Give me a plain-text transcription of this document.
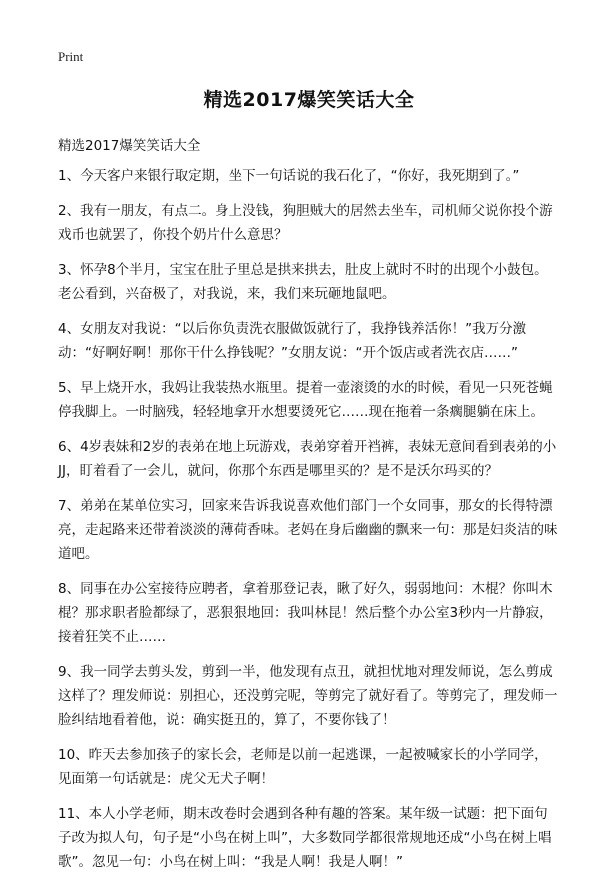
Print
精选2017爆笑笑话大全
精选2017爆笑笑话大全

1、今天客户来银行取定期，坐下一句话说的我石化了，“你好，我死期到了。”

2、我有一朋友，有点二。身上没钱，狗胆贼大的居然去坐车，司机师父说你投个游戏币也就罢了，你投个奶片什么意思？

3、怀孕8个半月，宝宝在肚子里总是拱来拱去，肚皮上就时不时的出现个小鼓包。老公看到，兴奋极了，对我说，来，我们来玩砸地鼠吧。

4、女朋友对我说：“以后你负责洗衣服做饭就行了，我挣钱养活你！”我万分激动：“好啊好啊！那你干什么挣钱呢？”女朋友说：“开个饭店或者洗衣店……”

5、早上烧开水，我妈让我装热水瓶里。提着一壶滚烫的水的时候，看见一只死苍蝇停我脚上。一时脑残，轻轻地拿开水想要烫死它……现在拖着一条瘸腿躺在床上。

6、4岁表妹和2岁的表弟在地上玩游戏，表弟穿着开裆裤，表妹无意间看到表弟的小JJ，盯着看了一会儿，就问，你那个东西是哪里买的？是不是沃尔玛买的？

7、弟弟在某单位实习，回家来告诉我说喜欢他们部门一个女同事，那女的长得特漂亮，走起路来还带着淡淡的薄荷香味。老妈在身后幽幽的飘来一句：那是妇炎洁的味道吧。

8、同事在办公室接待应聘者，拿着那登记表，瞅了好久，弱弱地问：木棍？你叫木棍？那求职者脸都绿了，恶狠狠地回：我叫林昆！然后整个办公室3秒内一片静寂，接着狂笑不止……

9、我一同学去剪头发，剪到一半，他发现有点丑，就担忧地对理发师说，怎么剪成这样了？理发师说：别担心，还没剪完呢，等剪完了就好看了。等剪完了，理发师一脸纠结地看着他，说：确实挺丑的，算了，不要你钱了！

10、昨天去参加孩子的家长会，老师是以前一起逃课，一起被喊家长的小学同学，见面第一句话就是：虎父无犬子啊！

11、本人小学老师，期末改卷时会遇到各种有趣的答案。某年级一试题：把下面句子改为拟人句，句子是“小鸟在树上叫”，大多数同学都很常规地还成“小鸟在树上唱歌”。忽见一句：小鸟在树上叫：“我是人啊！我是人啊！”
